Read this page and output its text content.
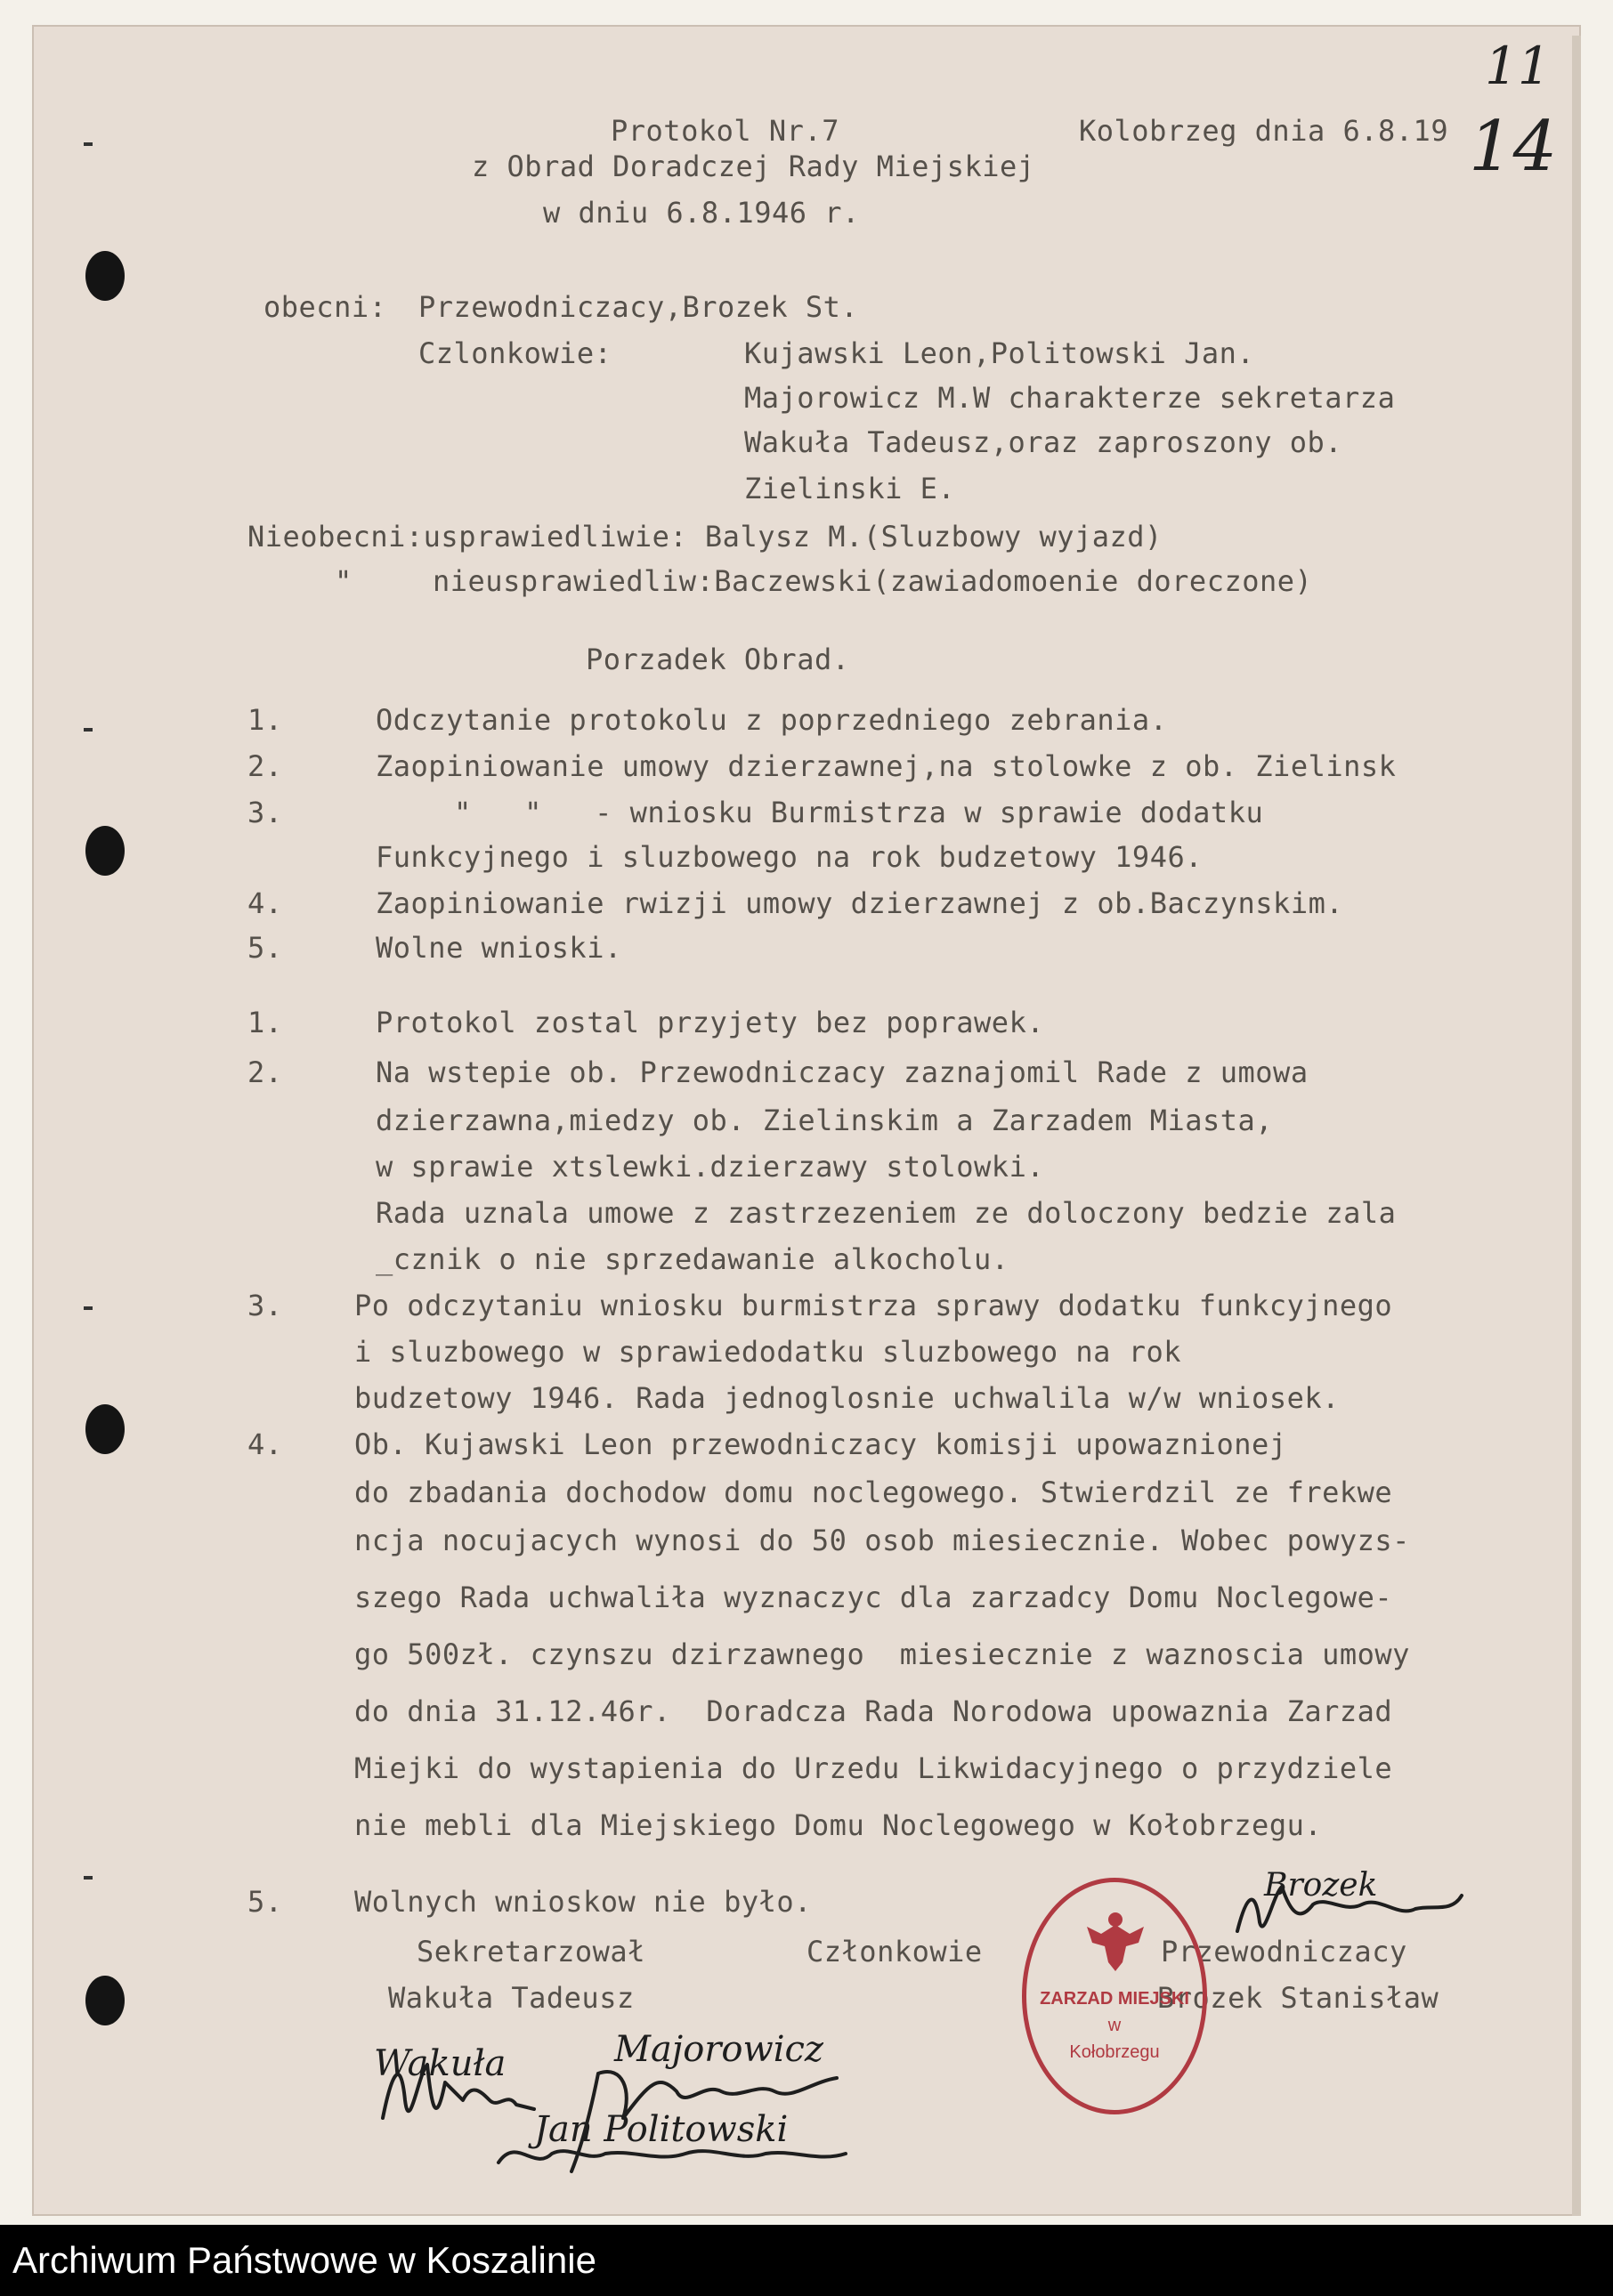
11
14
Protokol Nr.7	Kolobrzeg dnia 6.8.19
z Obrad Doradczej Rady Miejskiej
w dniu 6.8.1946 r.
obecni: Przewodniczacy,Brozek St.
Czlonkowie:	Kujawski Leon,Politowski Jan.
Majorowicz M.W charakterze sekretarza
Wakuła Tadeusz,oraz zaproszony ob.
Zielinski E.
Nieobecni:usprawiedliwie: Balysz M.(Sluzbowy wyjazd)
"	nieusprawiedliw:Baczewski(zawiadomoenie doreczone)
Porzadek Obrad.
1.	Odczytanie protokolu z poprzedniego zebrania.
2.	Zaopiniowanie umowy dzierzawnej,na stolowke z ob. Zielinsk
3.	"   "   - wniosku Burmistrza w sprawie dodatku
Funkcyjnego i sluzbowego na rok budzetowy 1946.
4.	Zaopiniowanie rwizji umowy dzierzawnej z ob.Baczynskim.
5.	Wolne wnioski.
1.	Protokol zostal przyjety bez poprawek.
2.	Na wstepie ob. Przewodniczacy zaznajomil Rade z umowa
dzierzawna,miedzy ob. Zielinskim a Zarzadem Miasta,
w sprawie xtslewki.dzierzawy stolowki.
Rada uznala umowe z zastrzezeniem ze doloczony bedzie zala
_cznik o nie sprzedawanie alkocholu.
3.	Po odczytaniu wniosku burmistrza sprawy dodatku funkcyjnego
i sluzbowego w sprawiedodatku sluzbowego na rok
budzetowy 1946. Rada jednoglosnie uchwalila w/w wniosek.
4.	Ob. Kujawski Leon przewodniczacy komisji upowaznionej
do zbadania dochodow domu noclegowego. Stwierdzil ze frekwe
ncja nocujacych wynosi do 50 osob miesiecznie. Wobec powyzs-
szego Rada uchwaliła wyznaczyc dla zarzadcy Domu Noclegowe-
go 500zł. czynszu dzirzawnego  miesiecznie z waznoscia umowy
do dnia 31.12.46r.  Doradcza Rada Norodowa upowaznia Zarzad
Miejki do wystapienia do Urzedu Likwidacyjnego o przydziele
nie mebli dla Miejskiego Domu Noclegowego w Kołobrzegu.
5.	Wolnych wnioskow nie było.
Sekretarzował	Członkowie	Przewodniczacy
Wakuła Tadeusz	Brozek Stanisław
ZARZAD MIEJSKI
w
Kołobrzegu
Wakuła	Majorowicz
Jan Politowski
Brozek
Archiwum Państwowe w Koszalinie
